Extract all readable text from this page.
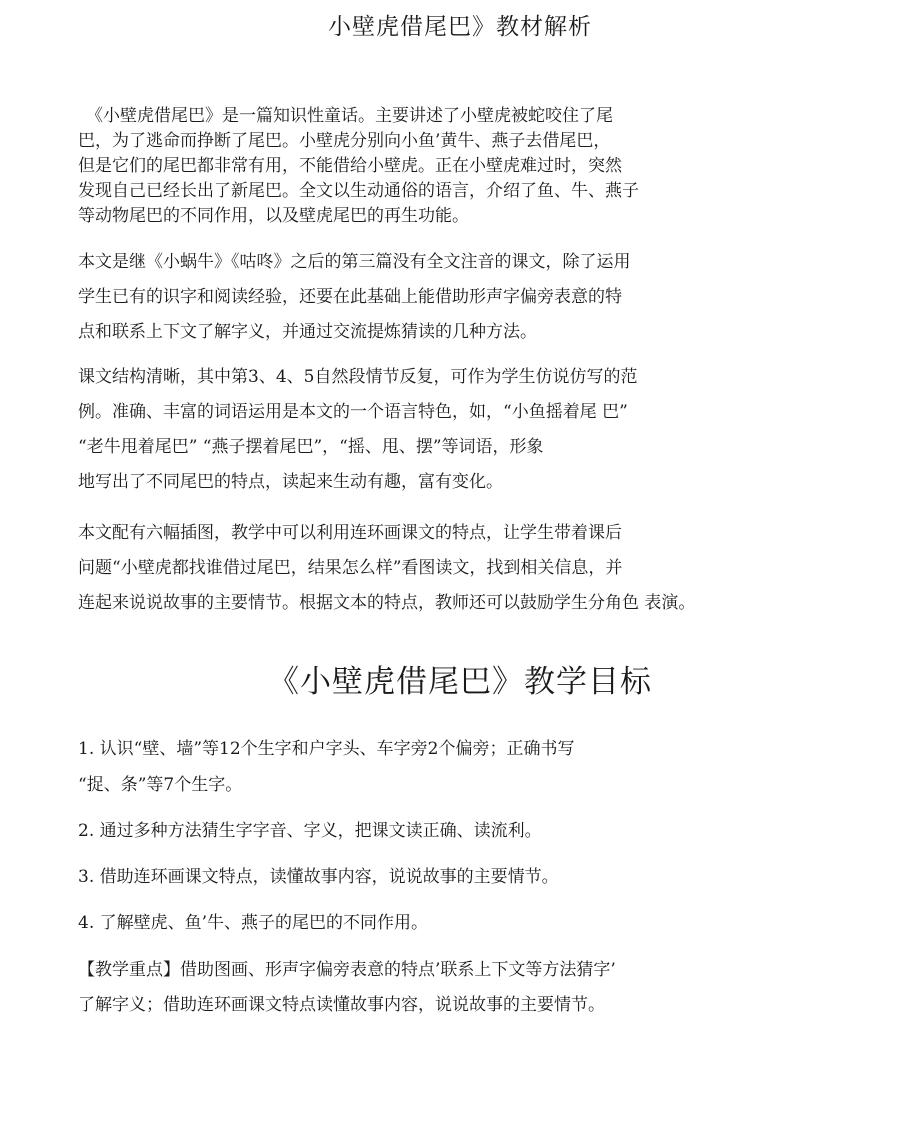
小壁虎借尾巴》教材解析
《小壁虎借尾巴》是一篇知识性童话。主要讲述了小壁虎被蛇咬住了尾
巴，为了逃命而挣断了尾巴。小壁虎分别向小鱼’黄牛、燕子去借尾巴，
但是它们的尾巴都非常有用，不能借给小壁虎。正在小壁虎难过时，突然
发现自己已经长出了新尾巴。全文以生动通俗的语言，介绍了鱼、牛、燕子
等动物尾巴的不同作用，以及壁虎尾巴的再生功能。
本文是继《小蜗牛》《咕咚》之后的第三篇没有全文注音的课文，除了运用
学生已有的识字和阅读经验，还要在此基础上能借助形声字偏旁表意的特
点和联系上下文了解字义，并通过交流提炼猜读的几种方法。
课文结构清晰，其中第3、4、5自然段情节反复，可作为学生仿说仿写的范
例。准确、丰富的词语运用是本文的一个语言特色，如，“小鱼摇着尾 巴”
“老牛甩着尾巴” “燕子摆着尾巴”，“摇、甩、摆”等词语，形象
地写出了不同尾巴的特点，读起来生动有趣，富有变化。
本文配有六幅插图，教学中可以利用连环画课文的特点，让学生带着课后
问题“小壁虎都找谁借过尾巴，结果怎么样”看图读文，找到相关信息，并
连起来说说故事的主要情节。根据文本的特点，教师还可以鼓励学生分角色 表演。
《小壁虎借尾巴》教学目标
1. 认识“壁、墙”等12个生字和户字头、车字旁2个偏旁；正确书写
“捉、条”等7个生字。
2. 通过多种方法猜生字字音、字义，把课文读正确、读流利。
3. 借助连环画课文特点，读懂故事内容，说说故事的主要情节。
4. 了解壁虎、鱼’牛、燕子的尾巴的不同作用。
【教学重点】借助图画、形声字偏旁表意的特点’联系上下文等方法猜字’
了解字义；借助连环画课文特点读懂故事内容，说说故事的主要情节。
